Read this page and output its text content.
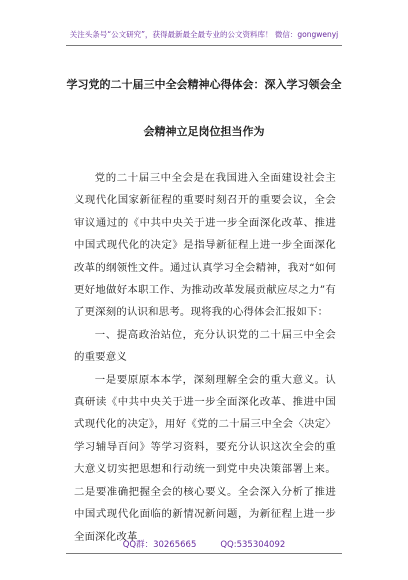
关注头条号“公文研究”，获得最新最全最专业的公文资料库！ 微信：gongwenyj
学习党的二十届三中全会精神心得体会：深入学习领会全
会精神立足岗位担当作为

党的二十届三中全会是在我国进入全面建设社会主义现代化国家新征程的重要时刻召开的重要会议，全会审议通过的《中共中央关于进一步全面深化改革、推进中国式现代化的决定》是指导新征程上进一步全面深化改革的纲领性文件。通过认真学习全会精神，我对“如何更好地做好本职工作、为推动改革发展贡献应尽之力”有了更深刻的认识和思考。现将我的心得体会汇报如下：

一、提高政治站位，充分认识党的二十届三中全会的重要意义

一是要原原本本学，深刻理解全会的重大意义。认真研读《中共中央关于进一步全面深化改革、推进中国式现代化的决定》，用好《党的二十届三中全会〈决定〉学习辅导百问》等学习资料，要充分认识这次全会的重大意义切实把思想和行动统一到党中央决策部署上来。二是要准确把握全会的核心要义。全会深入分析了推进中国式现代化面临的新情况新问题，为新征程上进一步全面深化改革

QQ群：30265665	QQ:535304092
